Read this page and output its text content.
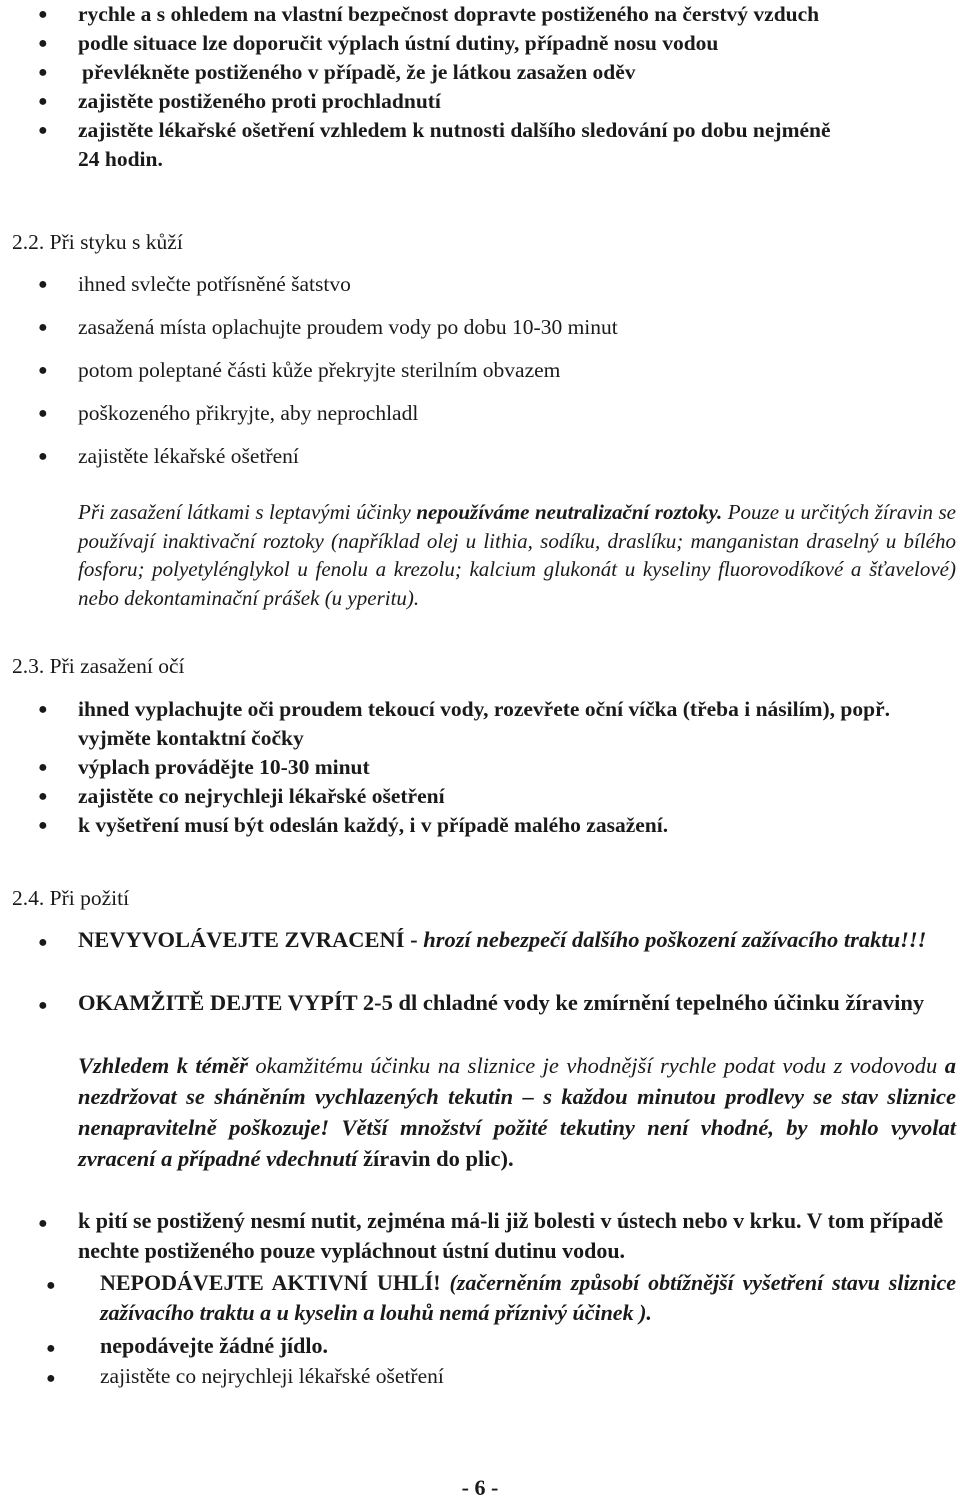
● rychle a s ohledem na vlastní bezpečnost dopravte postiženého na čerstvý vzduch
● podle situace lze doporučit výplach ústní dutiny, případně nosu vodou
● převlékněte postiženého v případě, že je látkou zasažen oděv
● zajistěte postiženého proti prochladnutí
● zajistěte lékařské ošetření vzhledem k nutnosti dalšího sledování po dobu nejméně
24 hodin.
2.2. Při styku s kůží
● ihned svlečte potřísněné šatstvo
● zasažená místa oplachujte proudem vody po dobu 10-30 minut
● potom poleptané části kůže překryjte sterilním obvazem
● poškozeného přikryjte, aby neprochladl
● zajistěte lékařské ošetření

Při zasažení látkami s leptavými účinky nepoužíváme neutralizační roztoky. Pouze u určitých žíravin se používají inaktivační roztoky (například olej u lithia, sodíku, draslíku; manganistan draselný u bílého fosforu; polyetylénglykol u fenolu a krezolu; kalcium glukonát u kyseliny fluorovodíkové a šťavelové) nebo dekontaminační prášek (u yperitu).

2.3. Při zasažení očí
● ihned vyplachujte oči proudem tekoucí vody, rozevřete oční víčka (třeba i násilím), popř. vyjměte kontaktní čočky
● výplach provádějte 10-30 minut
● zajistěte co nejrychleji lékařské ošetření
● k vyšetření musí být odeslán každý, i v případě malého zasažení.
2.4. Při požití
● NEVYVOLÁVEJTE ZVRACENÍ - hrozí nebezpečí dalšího poškození zažívacího traktu!!!
● OKAMŽITĚ DEJTE VYPÍT 2-5 dl chladné vody ke zmírnění tepelného účinku žíraviny
Vzhledem k téměř okamžitému účinku na sliznice je vhodnější rychle podat vodu z vodovodu a nezdržovat se sháněním vychlazených tekutin – s každou minutou prodlevy se stav sliznice nenapravitelně poškozuje! Větší množství požité tekutiny není vhodné, by mohlo vyvolat zvracení a případné vdechnutí žíravin do plic).
● k pití se postižený nesmí nutit, zejména má-li již bolesti v ústech nebo v krku. V tom případě nechte postiženého pouze vypláchnout ústní dutinu vodou.
● NEPODÁVEJTE AKTIVNÍ UHLÍ! (začerněním způsobí obtížnější vyšetření stavu sliznice zažívacího traktu a u kyselin a louhů nemá příznivý účinek ).
● nepodávejte žádné jídlo.
● zajistěte co nejrychleji lékařské ošetření
- 6 -
